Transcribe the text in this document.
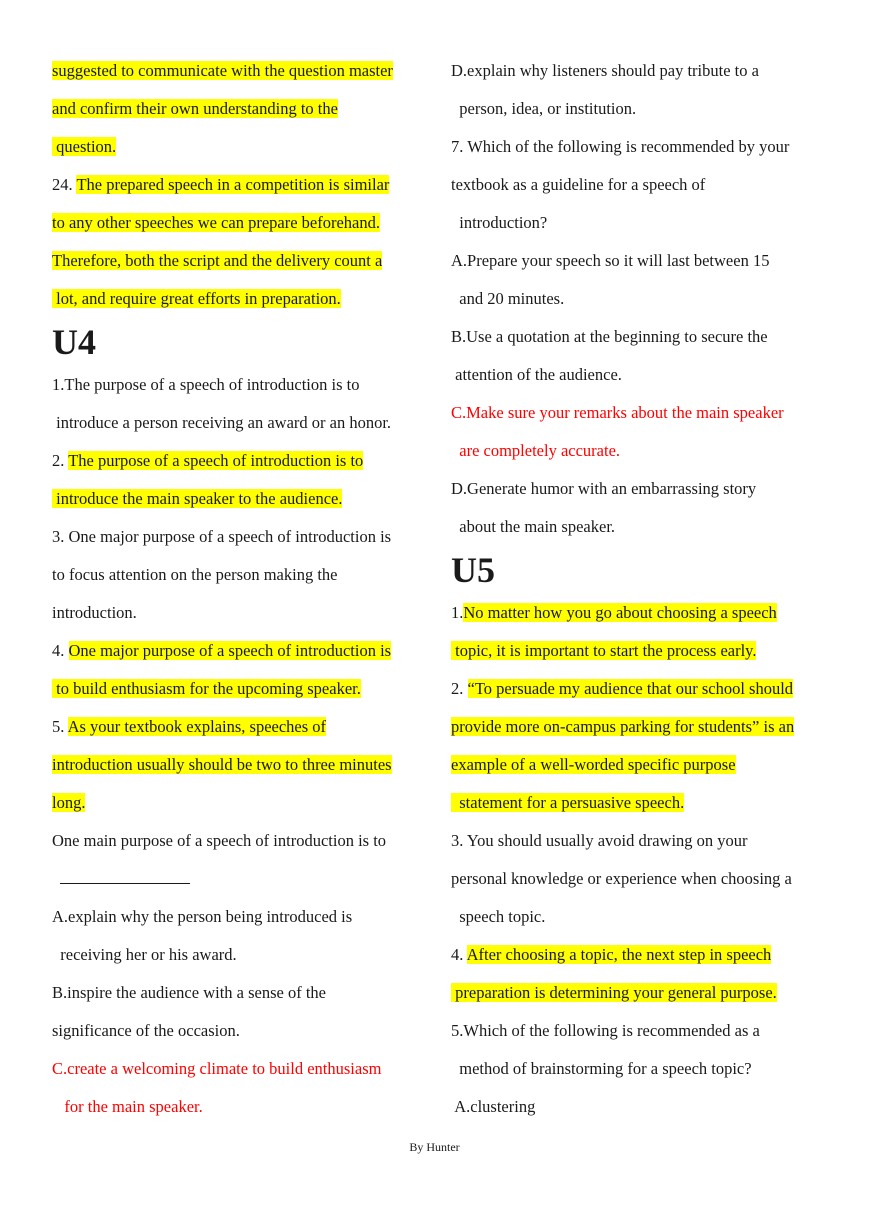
suggested to communicate with the question master
and confirm their own understanding to the
question.
24. The prepared speech in a competition is similar
to any other speeches we can prepare beforehand.
Therefore, both the script and the delivery count a
lot, and require great efforts in preparation.
U4
1.The purpose of a speech of introduction is to
introduce a person receiving an award or an honor.
2. The purpose of a speech of introduction is to
introduce the main speaker to the audience.
3. One major purpose of a speech of introduction is
to focus attention on the person making the
introduction.
4. One major purpose of a speech of introduction is
to build enthusiasm for the upcoming speaker.
5. As your textbook explains, speeches of
introduction usually should be two to three minutes
long.
One main purpose of a speech of introduction is to
A.explain why the person being introduced is
receiving her or his award.
B.inspire the audience with a sense of the
significance of the occasion.
C.create a welcoming climate to build enthusiasm
for the main speaker.
D.explain why listeners should pay tribute to a
person, idea, or institution.
7. Which of the following is recommended by your
textbook as a guideline for a speech of
introduction?
A.Prepare your speech so it will last between 15
and 20 minutes.
B.Use a quotation at the beginning to secure the
attention of the audience.
C.Make sure your remarks about the main speaker
are completely accurate.
D.Generate humor with an embarrassing story
about the main speaker.
U5
1.No matter how you go about choosing a speech
topic, it is important to start the process early.
2. “To persuade my audience that our school should
provide more on-campus parking for students” is an
example of a well-worded specific purpose
statement for a persuasive speech.
3. You should usually avoid drawing on your
personal knowledge or experience when choosing a
speech topic.
4. After choosing a topic, the next step in speech
preparation is determining your general purpose.
5.Which of the following is recommended as a
method of brainstorming for a speech topic?
A.clustering
By Hunter
